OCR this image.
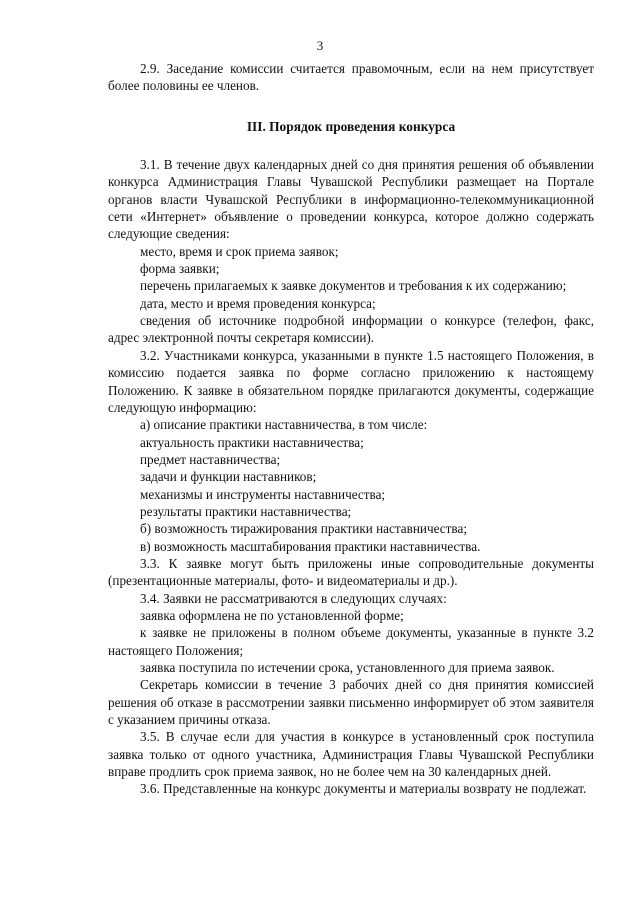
3

2.9. Заседание комиссии считается правомочным, если на нем присутствует более половины ее членов.

III. Порядок проведения конкурса

3.1. В течение двух календарных дней со дня принятия решения об объявлении конкурса Администрация Главы Чувашской Республики размещает на Портале органов власти Чувашской Республики в информационно-телекоммуникационной сети «Интернет» объявление о проведении конкурса, которое должно содержать следующие сведения:

место, время и срок приема заявок;

форма заявки;

перечень прилагаемых к заявке документов и требования к их содержанию;

дата, место и время проведения конкурса;

сведения об источнике подробной информации о конкурсе (телефон, факс, адрес электронной почты секретаря комиссии).

3.2. Участниками конкурса, указанными в пункте 1.5 настоящего Положения, в комиссию подается заявка по форме согласно приложению к настоящему Положению. К заявке в обязательном порядке прилагаются документы, содержащие следующую информацию:

а) описание практики наставничества, в том числе:

актуальность практики наставничества;

предмет наставничества;

задачи и функции наставников;

механизмы и инструменты наставничества;

результаты практики наставничества;

б) возможность тиражирования практики наставничества;

в) возможность масштабирования практики наставничества.

3.3. К заявке могут быть приложены иные сопроводительные документы (презентационные материалы, фото- и видеоматериалы и др.).

3.4. Заявки не рассматриваются в следующих случаях:

заявка оформлена не по установленной форме;

к заявке не приложены в полном объеме документы, указанные в пункте 3.2 настоящего Положения;

заявка поступила по истечении срока, установленного для приема заявок.

Секретарь комиссии в течение 3 рабочих дней со дня принятия комиссией решения об отказе в рассмотрении заявки письменно информирует об этом заявителя с указанием причины отказа.

3.5. В случае если для участия в конкурсе в установленный срок поступила заявка только от одного участника, Администрация Главы Чувашской Республики вправе продлить срок приема заявок, но не более чем на 30 календарных дней.

3.6. Представленные на конкурс документы и материалы возврату не подлежат.
